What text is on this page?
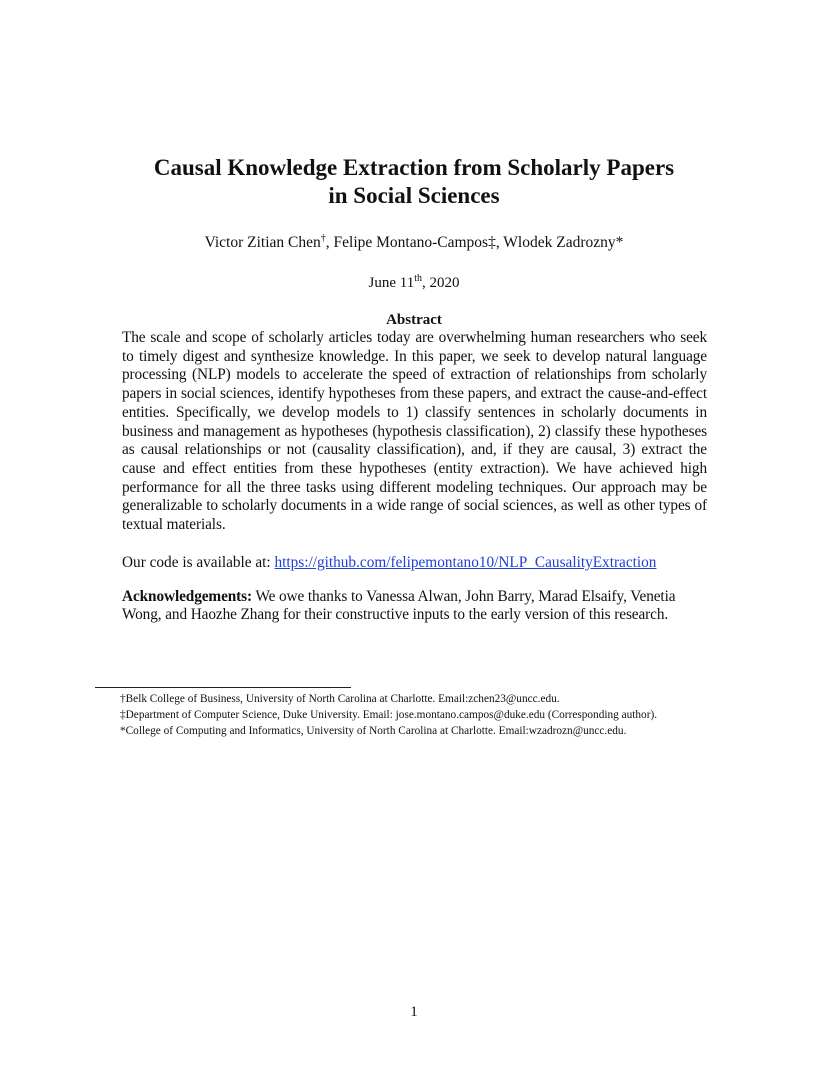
Causal Knowledge Extraction from Scholarly Papers
in Social Sciences
Victor Zitian Chen†, Felipe Montano-Campos‡, Wlodek Zadrozny*
June 11th, 2020
Abstract
The scale and scope of scholarly articles today are overwhelming human researchers who seek to timely digest and synthesize knowledge. In this paper, we seek to develop natural language processing (NLP) models to accelerate the speed of extraction of relationships from scholarly papers in social sciences, identify hypotheses from these papers, and extract the cause-and-effect entities. Specifically, we develop models to 1) classify sentences in scholarly documents in business and management as hypotheses (hypothesis classification), 2) classify these hypotheses as causal relationships or not (causality classification), and, if they are causal, 3) extract the cause and effect entities from these hypotheses (entity extraction). We have achieved high performance for all the three tasks using different modeling techniques. Our approach may be generalizable to scholarly documents in a wide range of social sciences, as well as other types of textual materials.
Our code is available at: https://github.com/felipemontano10/NLP_CausalityExtraction
Acknowledgements: We owe thanks to Vanessa Alwan, John Barry, Marad Elsaify, Venetia Wong, and Haozhe Zhang for their constructive inputs to the early version of this research.
†Belk College of Business, University of North Carolina at Charlotte. Email:zchen23@uncc.edu.
‡Department of Computer Science, Duke University. Email: jose.montano.campos@duke.edu (Corresponding author).
*College of Computing and Informatics, University of North Carolina at Charlotte. Email:wzadrozn@uncc.edu.
1
